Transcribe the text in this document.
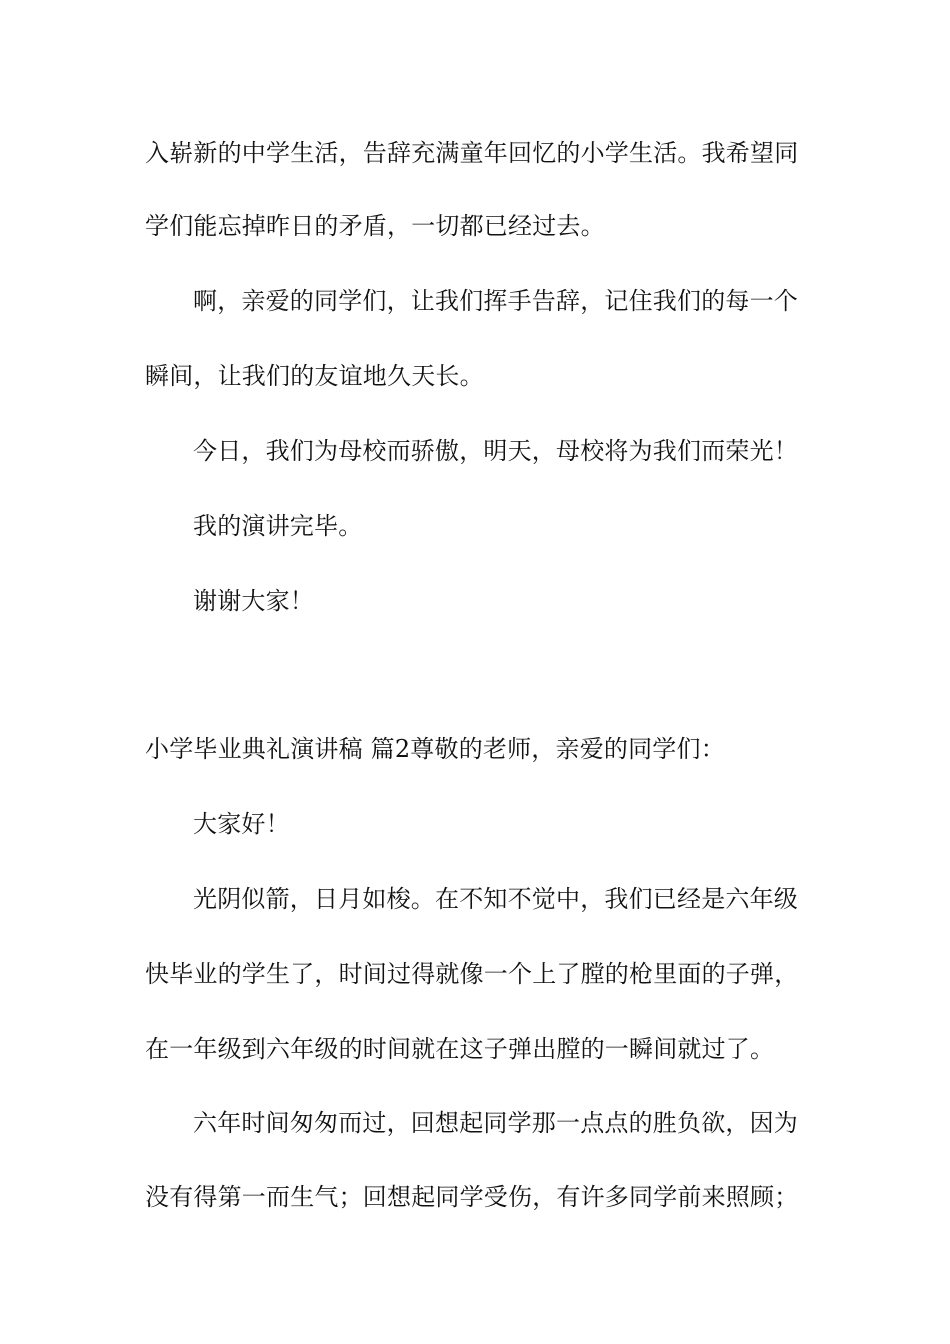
入崭新的中学生活，告辞充满童年回忆的小学生活。我希望同
学们能忘掉昨日的矛盾，一切都已经过去。
啊，亲爱的同学们，让我们挥手告辞，记住我们的每一个
瞬间，让我们的友谊地久天长。
今日，我们为母校而骄傲，明天，母校将为我们而荣光！
我的演讲完毕。
谢谢大家！
小学毕业典礼演讲稿 篇2尊敬的老师，亲爱的同学们：
大家好！
光阴似箭，日月如梭。在不知不觉中，我们已经是六年级
快毕业的学生了，时间过得就像一个上了膛的枪里面的子弹，
在一年级到六年级的时间就在这子弹出膛的一瞬间就过了。
六年时间匆匆而过，回想起同学那一点点的胜负欲，因为
没有得第一而生气；回想起同学受伤，有许多同学前来照顾；
